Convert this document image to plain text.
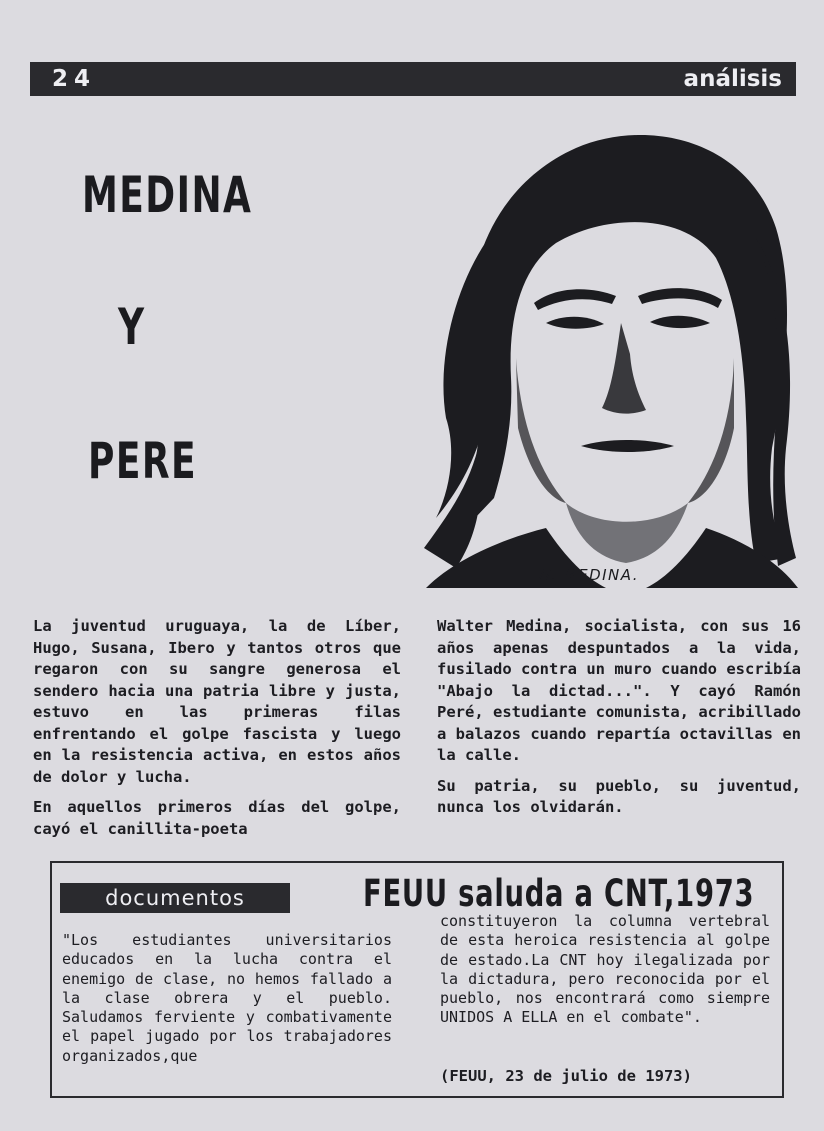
24	análisis
MEDINA
Y
PERE
W. MEDINA.

La juventud uruguaya, la de Líber, Hugo, Susana, Ibero y tantos otros que regaron con su sangre generosa el sendero hacia una patria libre y justa, estuvo en las primeras filas enfrentando el golpe fascista y luego en la resistencia activa, en estos años de dolor y lucha.

En aquellos primeros días del golpe, cayó el canillita-poeta

Walter Medina, socialista, con sus 16 años apenas despuntados a la vida, fusilado contra un muro cuando escribía "Abajo la dictad...". Y cayó Ramón Peré, estudiante comunista, acribillado a balazos cuando repartía octavillas en la calle.

Su patria, su pueblo, su juventud, nunca los olvidarán.

documentos	FEUU saluda a CNT,1973
"Los estudiantes universitarios educados en la lucha contra el enemigo de clase, no hemos fallado a la clase obrera y el pueblo. Saludamos ferviente y combativamente el papel jugado por los trabajadores organizados,que
constituyeron la columna vertebral de esta heroica resistencia al golpe de estado.La CNT hoy ilegalizada por la dictadura, pero reconocida por el pueblo, nos encontrará como siempre UNIDOS A ELLA en el combate".
(FEUU, 23 de julio de 1973)
